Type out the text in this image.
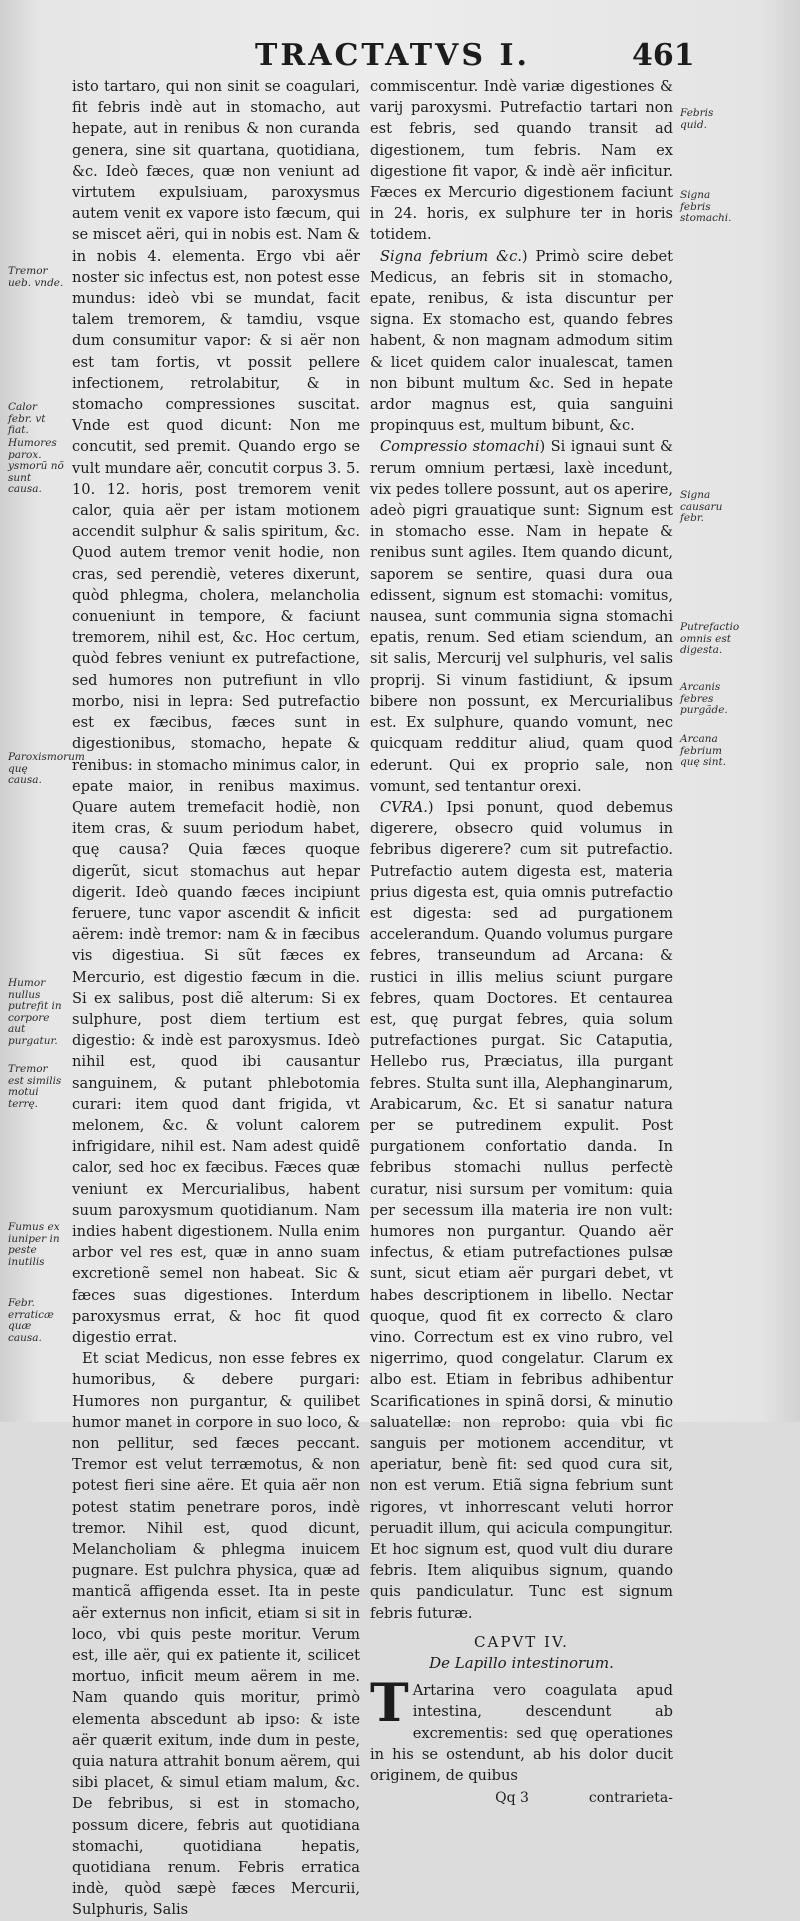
TRACTATVS I.	461

isto tartaro, qui non sinit se coagulari, fit febris indè aut in stomacho, aut hepate, aut in renibus & non curanda genera, sine sit quartana, quotidiana, &c. Ideò fæces, quæ non veniunt ad virtutem expulsiuam, paroxysmus autem venit ex vapore isto fæcum, qui se miscet aëri, qui in nobis est. Nam & in nobis 4. elementa. Ergo vbi aër noster sic infectus est, non potest esse mundus: ideò vbi se mundat, facit talem tremorem, & tamdiu, vsque dum consumitur vapor: & si aër non est tam fortis, vt possit pellere infectionem, retrolabitur, & in stomacho compressiones suscitat. Vnde est quod dicunt: Non me concutit, sed premit. Quando ergo se vult mundare aër, concutit corpus 3. 5. 10. 12. horis, post tremorem venit calor, quia aër per istam motionem accendit sulphur & salis spiritum, &c. Quod autem tremor venit hodie, non cras, sed perendiè, veteres dixerunt, quòd phlegma, cholera, melancholia conueniunt in tempore, & faciunt tremorem, nihil est, &c. Hoc certum, quòd febres veniunt ex putrefactione, sed humores non putrefiunt in vllo morbo, nisi in lepra: Sed putrefactio est ex fæcibus, fæces sunt in digestionibus, stomacho, hepate & renibus: in stomacho minimus calor, in epate maior, in renibus maximus. Quare autem tremefacit hodiè, non item cras, & suum periodum habet, quę causa? Quia fæces quoque digerũt, sicut stomachus aut hepar digerit. Ideò quando fæces incipiunt feruere, tunc vapor ascendit & inficit aërem: indè tremor: nam & in fæcibus vis digestiua. Si sũt fæces ex Mercurio, est digestio fæcum in die. Si ex salibus, post diẽ alterum: Si ex sulphure, post diem tertium est digestio: & indè est paroxysmus. Ideò nihil est, quod ibi causantur sanguinem, & putant phlebotomia curari: item quod dant frigida, vt melonem, &c. & volunt calorem infrigidare, nihil est. Nam adest quidẽ calor, sed hoc ex fæcibus. Fæces quæ veniunt ex Mercurialibus, habent suum paroxysmum quotidianum. Nam indies habent digestionem. Nulla enim arbor vel res est, quæ in anno suam excretionẽ semel non habeat. Sic & fæces suas digestiones. Interdum paroxysmus errat, & hoc fit quod digestio errat.

Et sciat Medicus, non esse febres ex humoribus, & debere purgari: Humores non purgantur, & quilibet humor manet in corpore in suo loco, & non pellitur, sed fæces peccant. Tremor est velut terræmotus, & non potest fieri sine aëre. Et quia aër non potest statim penetrare poros, indè tremor. Nihil est, quod dicunt, Melancholiam & phlegma inuicem pugnare. Est pulchra physica, quæ ad manticã affigenda esset. Ita in peste aër externus non inficit, etiam si sit in loco, vbi quis peste moritur. Verum est, ille aër, qui ex patiente it, scilicet mortuo, inficit meum aërem in me. Nam quando quis moritur, primò elementa abscedunt ab ipso: & iste aër quærit exitum, inde dum in peste, quia natura attrahit bonum aërem, qui sibi placet, & simul etiam malum, &c. De febribus, si est in stomacho, possum dicere, febris aut quotidiana stomachi, quotidiana hepatis, quotidiana renum. Febris erratica indè, quòd sæpè fæces Mercurii, Sulphuris, Salis

commiscentur. Indè variæ digestiones & varij paroxysmi. Putrefactio tartari non est febris, sed quando transit ad digestionem, tum febris. Nam ex digestione fit vapor, & indè aër inficitur. Fæces ex Mercurio digestionem faciunt in 24. horis, ex sulphure ter in horis totidem.

Signa febrium &c.) Primò scire debet Medicus, an febris sit in stomacho, epate, renibus, & ista discuntur per signa. Ex stomacho est, quando febres habent, & non magnam admodum sitim & licet quidem calor inualescat, tamen non bibunt multum &c. Sed in hepate ardor magnus est, quia sanguini propinquus est, multum bibunt, &c.

Compressio stomachi) Si ignaui sunt & rerum omnium pertæsi, laxè incedunt, vix pedes tollere possunt, aut os aperire, adeò pigri grauatique sunt: Signum est in stomacho esse. Nam in hepate & renibus sunt agiles. Item quando dicunt, saporem se sentire, quasi dura oua edissent, signum est stomachi: vomitus, nausea, sunt communia signa stomachi epatis, renum. Sed etiam sciendum, an sit salis, Mercurij vel sulphuris, vel salis proprij. Si vinum fastidiunt, & ipsum bibere non possunt, ex Mercurialibus est. Ex sulphure, quando vomunt, nec quicquam redditur aliud, quam quod ederunt. Qui ex proprio sale, non vomunt, sed tentantur orexi.

CVRA.) Ipsi ponunt, quod debemus digerere, obsecro quid volumus in febribus digerere? cum sit putrefactio. Putrefactio autem digesta est, materia prius digesta est, quia omnis putrefactio est digesta: sed ad purgationem accelerandum. Quando volumus purgare febres, transeundum ad Arcana: & rustici in illis melius sciunt purgare febres, quam Doctores. Et centaurea est, quę purgat febres, quia solum putrefactiones purgat. Sic Cataputia, Hellebo rus, Præciatus, illa purgant febres. Stulta sunt illa, Alephanginarum, Arabicarum, &c. Et si sanatur natura per se putredinem expulit. Post purgationem confortatio danda. In febribus stomachi nullus perfectè curatur, nisi sursum per vomitum: quia per secessum illa materia ire non vult: humores non purgantur. Quando aër infectus, & etiam putrefactiones pulsæ sunt, sicut etiam aër purgari debet, vt habes descriptionem in libello. Nectar quoque, quod fit ex correcto & claro vino. Correctum est ex vino rubro, vel nigerrimo, quod congelatur. Clarum ex albo est. Etiam in febribus adhibentur Scarificationes in spinã dorsi, & minutio saluatellæ: non reprobo: quia vbi fic sanguis per motionem accenditur, vt aperiatur, benè fit: sed quod cura sit, non est verum. Etiã signa febrium sunt rigores, vt inhorrescant veluti horror peruadit illum, qui acicula compungitur. Et hoc signum est, quod vult diu durare febris. Item aliquibus signum, quando quis pandiculatur. Tunc est signum febris futuræ.

CAPVT IV.
De Lapillo intestinorum.

T Artarina vero coagulata apud intestina, descendunt ab excrementis: sed quę operationes in his se ostendunt, ab his dolor ducit originem, de quibus

Qq 3	contrarieta-
Tremor ueb. vnde.
Calor febr. vt fiat.
Humores parox. ysmorũ nõ sunt causa.
Paroxismorum quę causa.
Humor nullus putrefit in corpore aut purgatur.
Tremor est similis motui terrę.
Fumus ex iuniper in peste inutilis
Febr. erraticæ quæ causa.
Febris quid.
Signa febris stomachi.
Signa causaru febr.
Putrefactio omnis est digesta.
Arcanis febres purgãde.
Arcana febrium quę sint.
